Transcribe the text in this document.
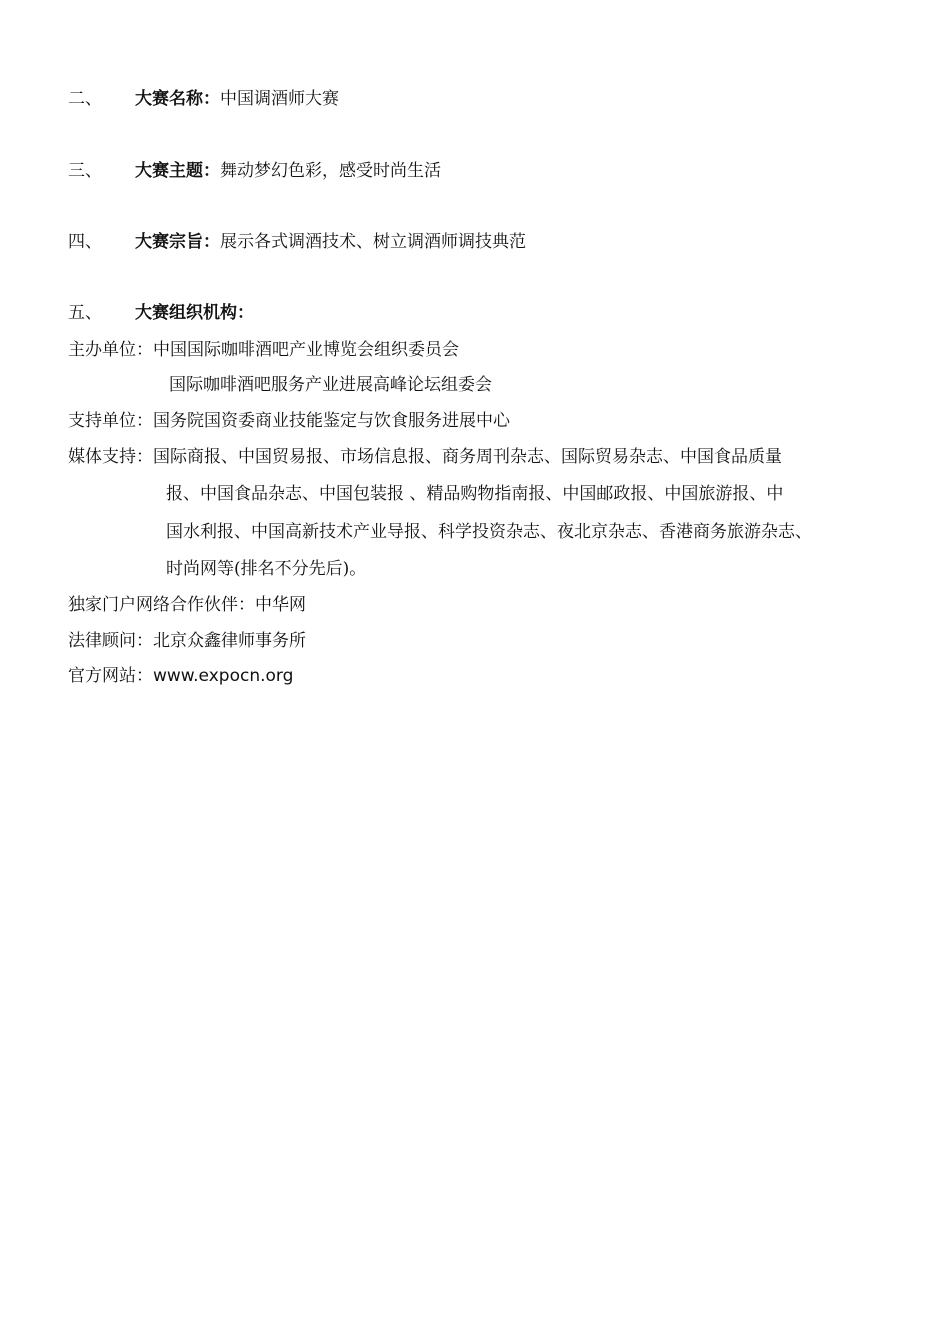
二、 大赛名称：中国调酒师大赛
三、 大赛主题：舞动梦幻色彩，感受时尚生活
四、 大赛宗旨：展示各式调酒技术、树立调酒师调技典范
五、 大赛组织机构：
主办单位：中国国际咖啡酒吧产业博览会组织委员会
国际咖啡酒吧服务产业进展高峰论坛组委会
支持单位：国务院国资委商业技能鉴定与饮食服务进展中心
媒体支持：国际商报、中国贸易报、市场信息报、商务周刊杂志、国际贸易杂志、中国食品质量
报、中国食品杂志、中国包装报 、精品购物指南报、中国邮政报、中国旅游报、中
国水利报、中国高新技术产业导报、科学投资杂志、夜北京杂志、香港商务旅游杂志、
时尚网等(排名不分先后)。
独家门户网络合作伙伴：中华网
法律顾问：北京众鑫律师事务所
官方网站：www.expocn.org
